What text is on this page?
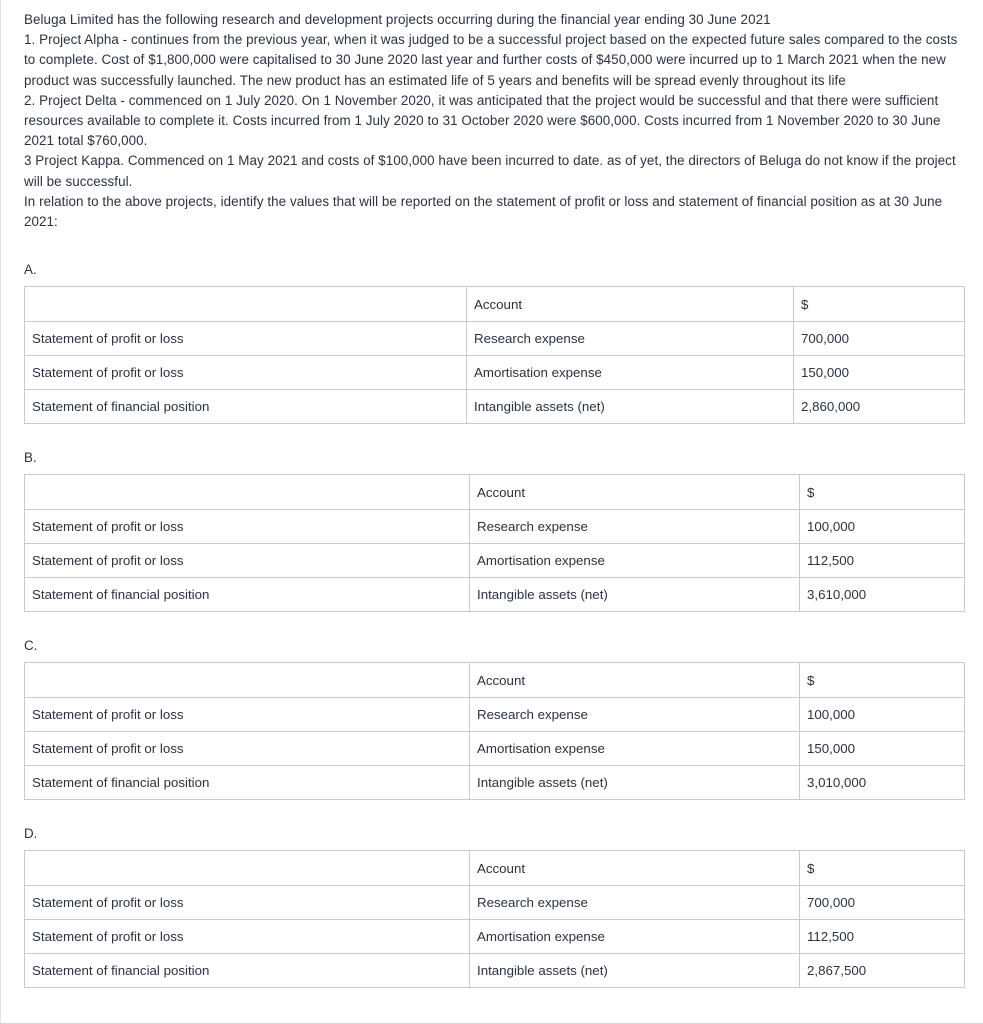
Beluga Limited has the following research and development projects occurring during the financial year ending 30 June 2021
1. Project Alpha - continues from the previous year, when it was judged to be a successful project based on the expected future sales compared to the costs to complete. Cost of $1,800,000 were capitalised to 30 June 2020 last year and further costs of $450,000 were incurred up to 1 March 2021 when the new product was successfully launched. The new product has an estimated life of 5 years and benefits will be spread evenly throughout its life
2. Project Delta - commenced on 1 July 2020. On 1 November 2020, it was anticipated that the project would be successful and that there were sufficient resources available to complete it. Costs incurred from 1 July 2020 to 31 October 2020 were $600,000. Costs incurred from 1 November 2020 to 30 June 2021 total $760,000.
3 Project Kappa. Commenced on 1 May 2021 and costs of $100,000 have been incurred to date. as of yet, the directors of Beluga do not know if the project will be successful.
In relation to the above projects, identify the values that will be reported on the statement of profit or loss and statement of financial position as at 30 June 2021:
A.
	Account	$
Statement of profit or loss	Research expense	700,000
Statement of profit or loss	Amortisation expense	150,000
Statement of financial position	Intangible assets (net)	2,860,000
B.
	Account	$
Statement of profit or loss	Research expense	100,000
Statement of profit or loss	Amortisation expense	112,500
Statement of financial position	Intangible assets (net)	3,610,000
C.
	Account	$
Statement of profit or loss	Research expense	100,000
Statement of profit or loss	Amortisation expense	150,000
Statement of financial position	Intangible assets (net)	3,010,000
D.
	Account	$
Statement of profit or loss	Research expense	700,000
Statement of profit or loss	Amortisation expense	112,500
Statement of financial position	Intangible assets (net)	2,867,500
